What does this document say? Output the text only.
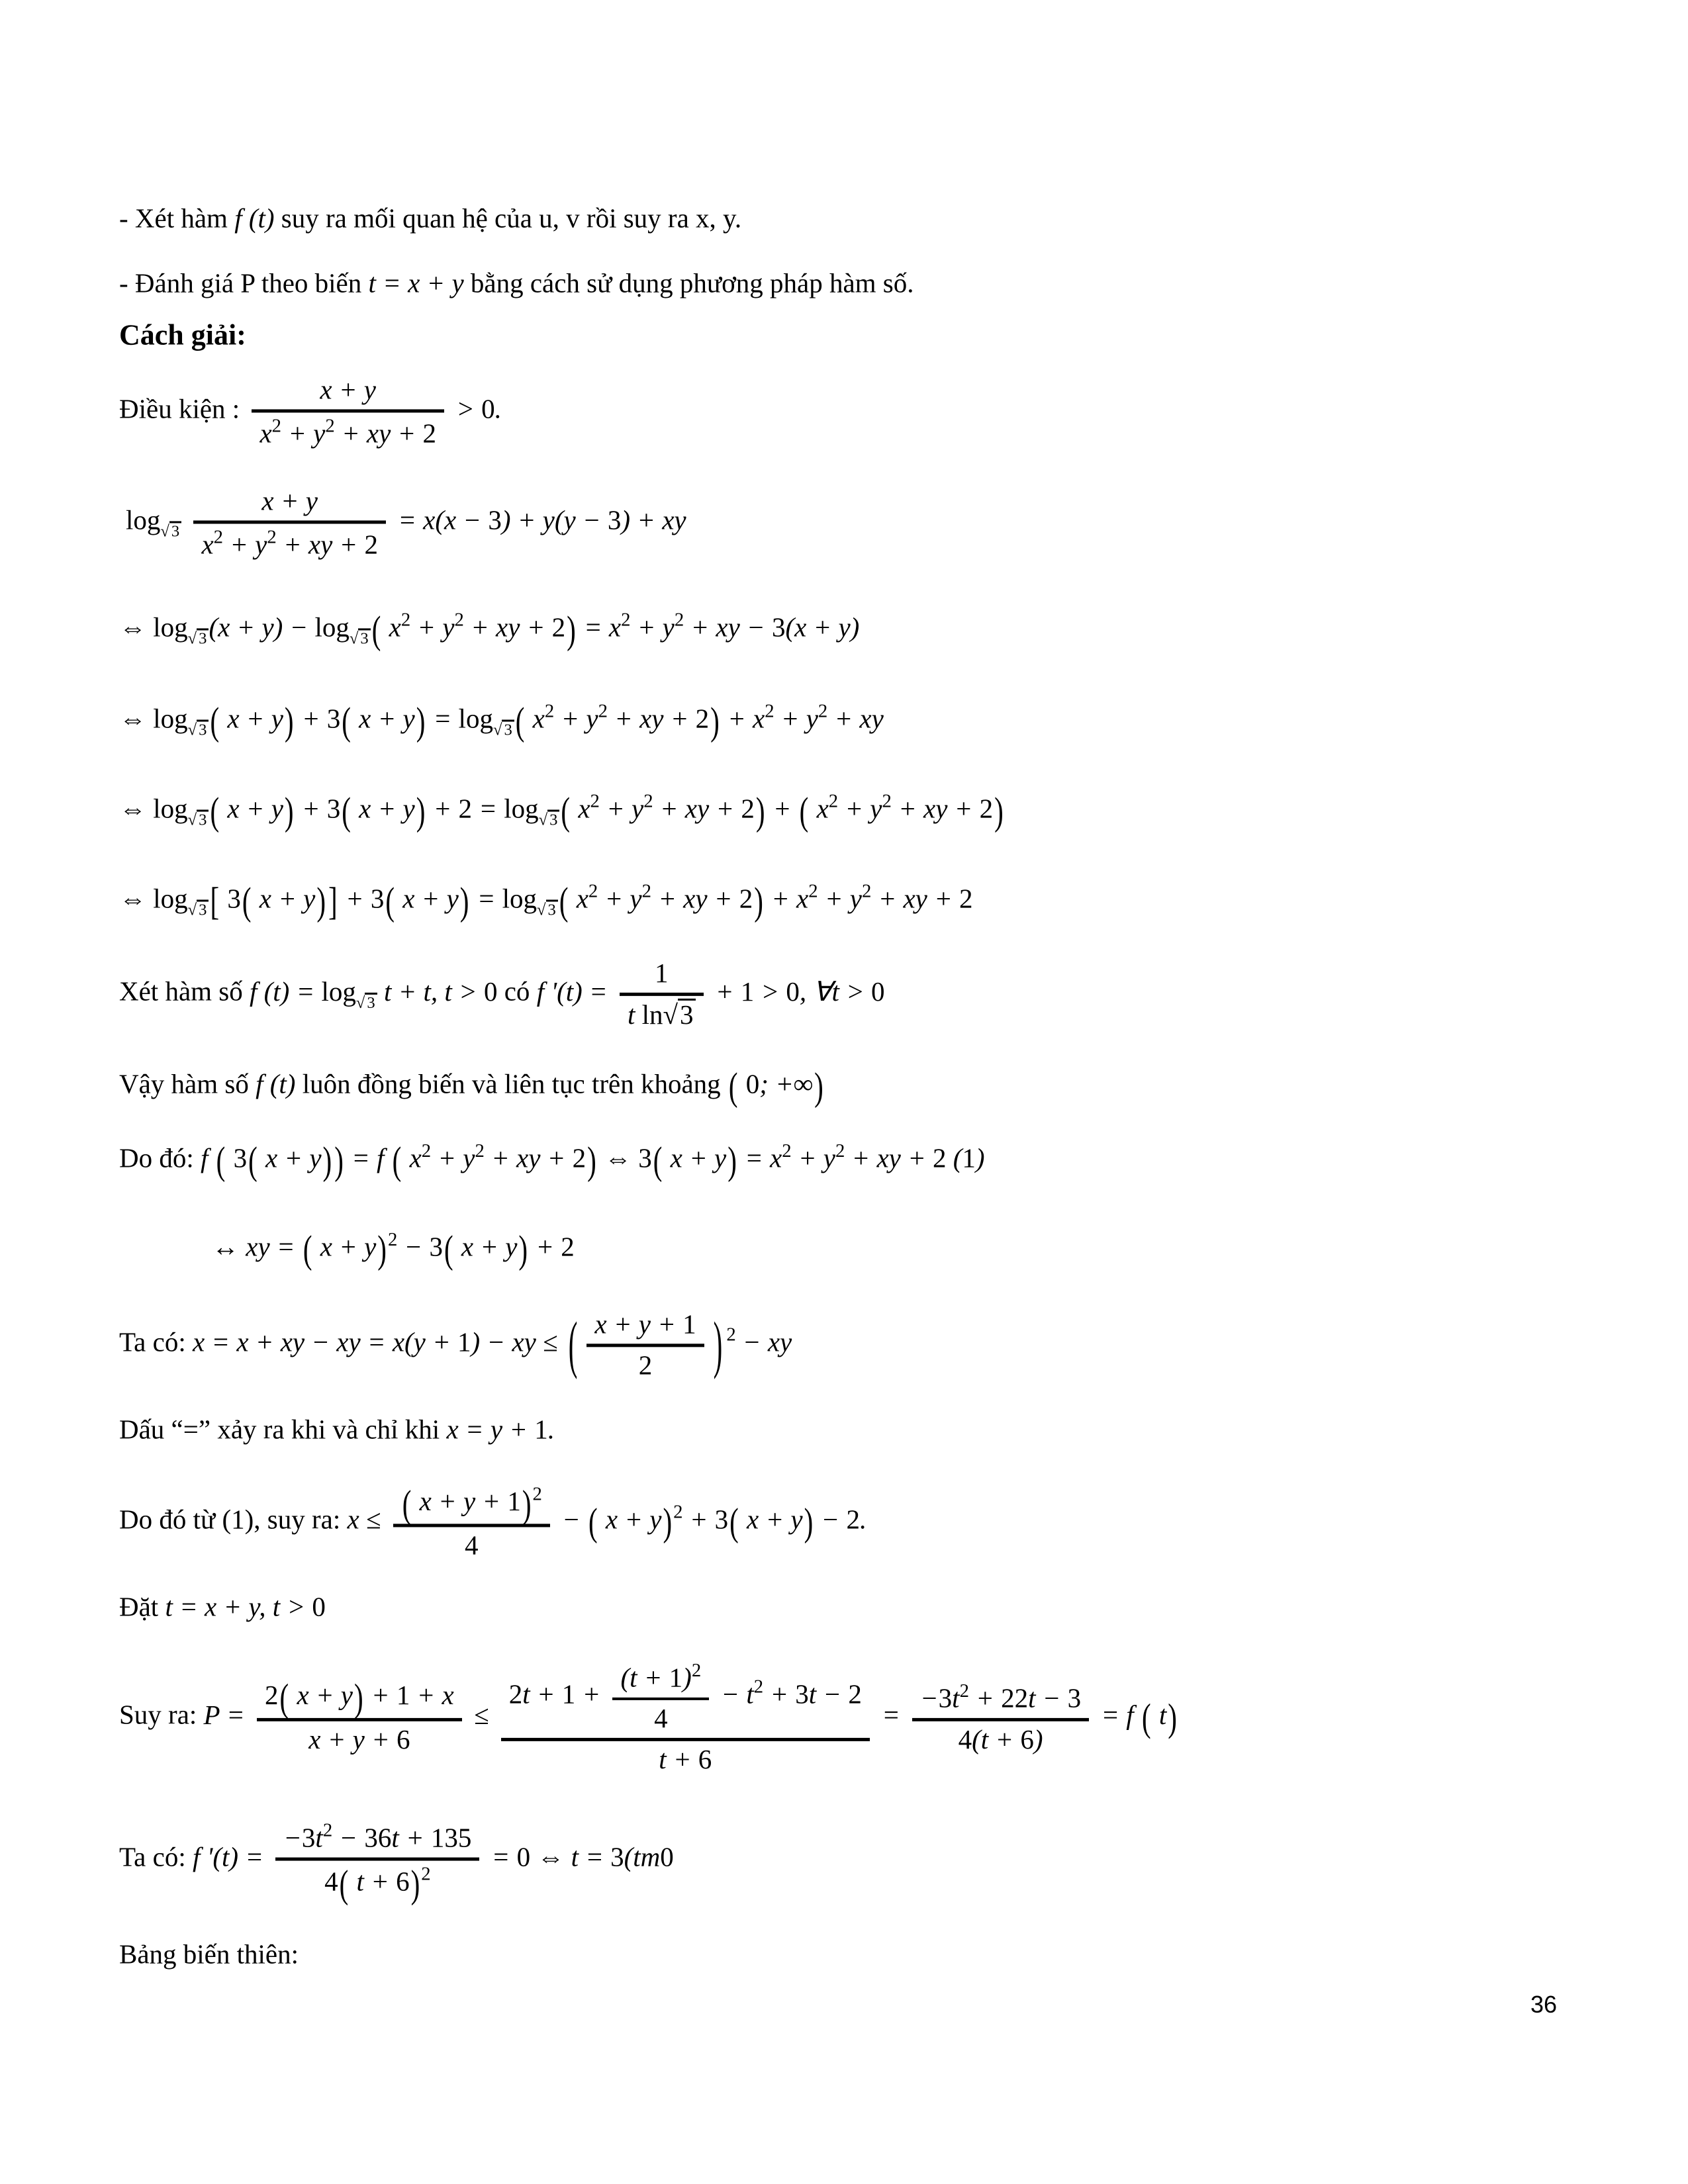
- Xét hàm f (t) suy ra mối quan hệ của u, v rồi suy ra x, y.
- Đánh giá P theo biến t = x + y bằng cách sử dụng phương pháp hàm số.
Cách giải:
Điều kiện : $\frac{x + y}{x^2 + y^2 + xy + 2} > 0$.
$\log_{√ 3} \frac{x + y}{x^2 + y^2 + xy + 2} = x(x - 3) + y(y - 3)$ + xy
⇔ $\log_{√ 3}(x + y) - \log_{√ 3}$ ( $x^2 + y^2$ + xy + $2) = x^2 + y^2$ + xy − 3(x + y)
⇔ $\log_{√ 3}$ ( x + y) + 3( $x + y) = \log_{√ 3}$ ( $x^2 + y^2$ + xy + $2) + x^2 + y^2$ + xy
⇔ $\log_{√ 3}$ ( x + y) + 3( $x + y) + 2 = \log_{√ 3}$ ( $x^2 + y^2$ + xy + 2) + ( $x^2 + y^2$ + xy + 2)
⇔ $\log_{√ 3}$ [ 3( x + y)] + 3( $x + y) = \log_{√ 3}$ ( $x^2 + y^2$ + xy + $2) + x^2 + y^2$ + xy + 2
Xét hàm số f $(t) = \log_{√ 3} t + t$, t > 0 có f '$(t) = \frac{1}{\text{t ln√3}} + 1 > 0$, ∀t > 0
Vậy hàm số f (t) luôn đồng biến và liên tục trên khoảng ( 0; +∞)
Do đó: f ( 3( x + y)) = f ( $x^2 + y^2$ + xy + 2) ⇔ 3( $x + y) = x^2 + y^2$ + xy + 2 (1)
↔ xy = ( x + y)$^2$ − 3( x + y) + 2
Ta có: x = x + xy − xy = x(y + 1) − xy ≤ ( $\frac{x + y + 1}{2}$ ) $^2$ − xy
Dấu “=” xảy ra khi và chỉ khi x = y + 1.
Do đó từ (1), suy ra: $x \le \frac{( x + y + 1)^2}{4}$ − ( x + y)$^2$ + 3( x + y) − 2.
Đặt t = x + y, t > 0
Suy ra: $P = \frac{2( x + y) + 1 + x}{x + y + 6} \le \frac{2t + 1 + \frac{(t + 1)^2}{4} - t^2 + 3t - 2}{t + 6} = \frac{-3t^2 + 22t - 3}{4(t + 6)} = f$ ( t)
Ta có: f '$(t) = \frac{-3t^2 - 36t + 135}{4( t + 6)^2} = 0$ ⇔ t = 3(tm0
Bảng biến thiên:
36
